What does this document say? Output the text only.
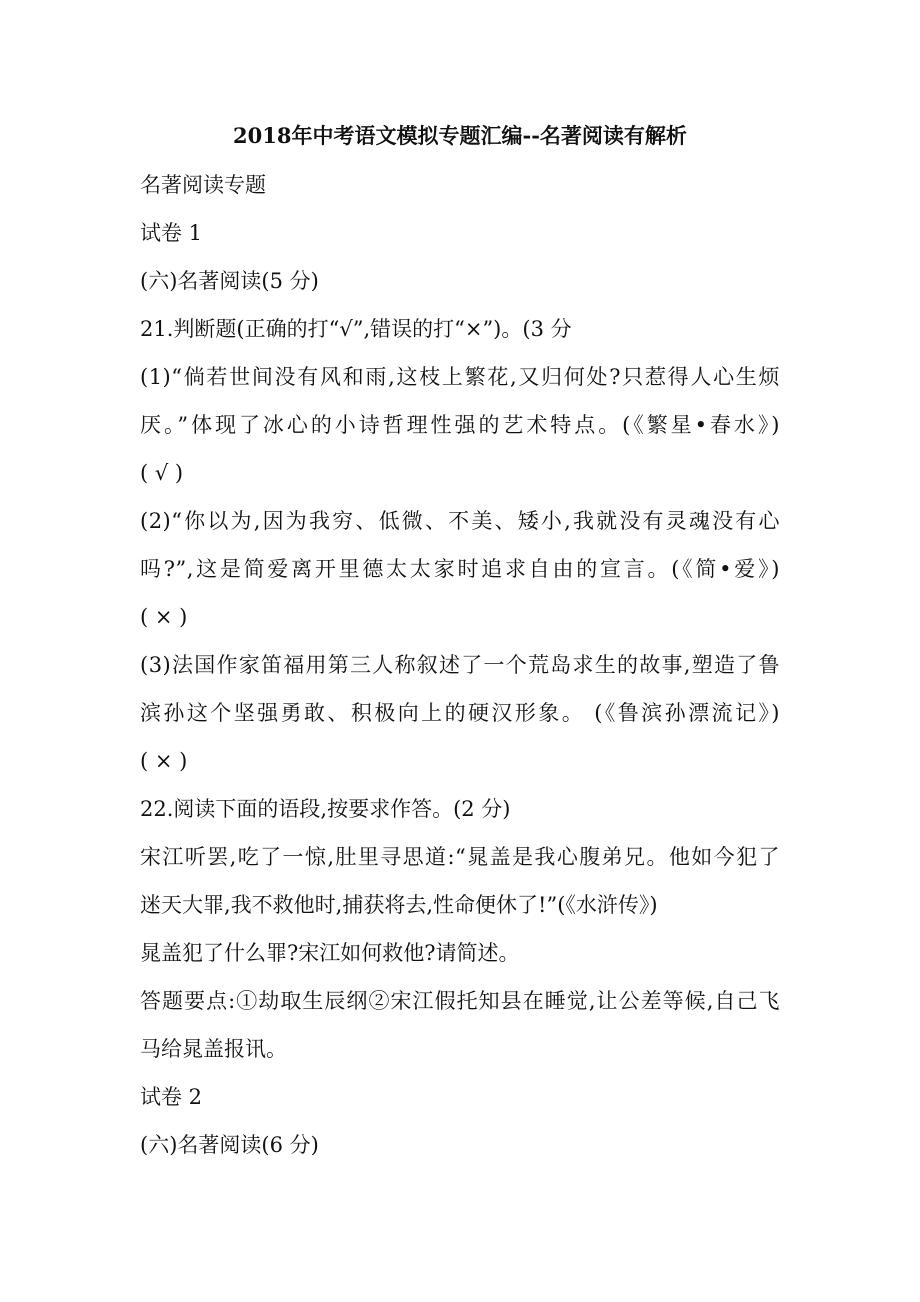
2018年中考语文模拟专题汇编--名著阅读有解析
名著阅读专题
试卷 1
(六)名著阅读(5 分)
21.判断题(正确的打“√”,错误的打“×”)。(3 分
(1)“倘若世间没有风和雨,这枝上繁花,又归何处?只惹得人心生烦
厌。”体现了冰心的小诗哲理性强的艺术特点。(《繁星•春水》)
( √ )
(2)“你以为,因为我穷、低微、不美、矮小,我就没有灵魂没有心
吗?”,这是简爱离开里德太太家时追求自由的宣言。(《简•爱》)
( × )
(3)法国作家笛福用第三人称叙述了一个荒岛求生的故事,塑造了鲁
滨孙这个坚强勇敢、积极向上的硬汉形象。 (《鲁滨孙漂流记》)
( × )
22.阅读下面的语段,按要求作答。(2 分)
宋江听罢,吃了一惊,肚里寻思道:“晁盖是我心腹弟兄。他如今犯了
迷天大罪,我不救他时,捕获将去,性命便休了!”(《水浒传》)
晁盖犯了什么罪?宋江如何救他?请简述。
答题要点:①劫取生辰纲②宋江假托知县在睡觉,让公差等候,自己飞
马给晁盖报讯。
试卷 2
(六)名著阅读(6 分)
